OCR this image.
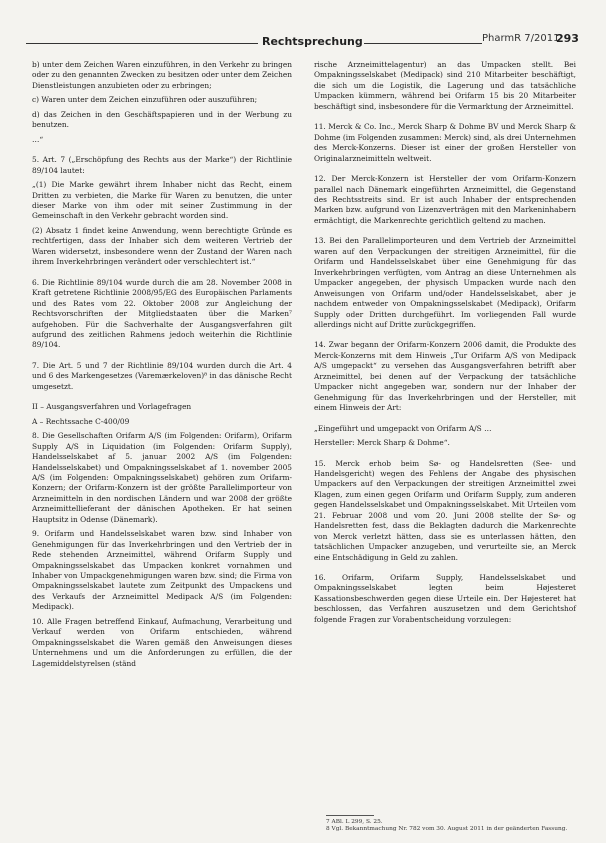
Rechtsprechung	PharmR 7/2011
293

b) unter dem Zeichen Waren einzuführen, in den Verkehr zu bringen oder zu den genannten Zwecken zu besitzen oder unter dem Zeichen Dienstleistungen anzubieten oder zu erbringen;

c) Waren unter dem Zeichen einzuführen oder auszuführen;

d) das Zeichen in den Geschäftspapieren und in der Werbung zu benutzen.

…“

5. Art. 7 („Erschöpfung des Rechts aus der Marke“) der Richtlinie 89/104 lautet:

„(1) Die Marke gewährt ihrem Inhaber nicht das Recht, einem Dritten zu verbieten, die Marke für Waren zu benutzen, die unter dieser Marke von ihm oder mit seiner Zustimmung in der Gemeinschaft in den Verkehr gebracht worden sind.

(2) Absatz 1 findet keine Anwendung, wenn berechtigte Gründe es rechtfertigen, dass der Inhaber sich dem weiteren Vertrieb der Waren widersetzt, insbesondere wenn der Zustand der Waren nach ihrem Inverkehrbringen verändert oder verschlechtert ist.“

6. Die Richtlinie 89/104 wurde durch die am 28. November 2008 in Kraft getretene Richtlinie 2008/95/EG des Europäischen Parlaments und des Rates vom 22. Oktober 2008 zur Angleichung der Rechtsvorschriften der Mitgliedstaaten über die Marken⁷ aufgehoben. Für die Sachverhalte der Ausgangsverfahren gilt aufgrund des zeitlichen Rahmens jedoch weiterhin die Richtlinie 89/104.

7. Die Art. 5 und 7 der Richtlinie 89/104 wurden durch die Art. 4 und 6 des Markengesetzes (Varemærkeloven)⁸ in das dänische Recht umgesetzt.

II – Ausgangsverfahren und Vorlagefragen

A – Rechtssache C-400/09

8. Die Gesellschaften Orifarm A/S (im Folgenden: Orifarm), Orifarm Supply A/S in Liquidation (im Folgenden: Orifarm Supply), Handelsselskabet af 5. januar 2002 A/S (im Folgenden: Handelsselskabet) und Ompakningsselskabet af 1. november 2005 A/S (im Folgenden: Ompakningsselskabet) gehören zum Orifarm-Konzern; der Orifarm-Konzern ist der größte Parallelimporteur von Arzneimitteln in den nordischen Ländern und war 2008 der größte Arzneimittellieferant der dänischen Apotheken. Er hat seinen Hauptsitz in Odense (Dänemark).

9. Orifarm und Handelsselskabet waren bzw. sind Inhaber von Genehmigungen für das Inverkehrbringen und den Vertrieb der in Rede stehenden Arzneimittel, während Orifarm Supply und Ompakningsselskabet das Umpacken konkret vornahmen und Inhaber von Umpackgenehmigungen waren bzw. sind; die Firma von Ompakningsselskabet lautete zum Zeitpunkt des Umpackens und des Verkaufs der Arzneimittel Medipack A/S (im Folgenden: Medipack).

10. Alle Fragen betreffend Einkauf, Aufmachung, Verarbeitung und Verkauf werden von Orifarm entschieden, während Ompakningsselskabet die Waren gemäß den Anweisungen dieses Unternehmens und um die Anforderungen zu erfüllen, die der Lagemiddelstyrelsen (ständ

rische Arzneimittelagentur) an das Umpacken stellt. Bei Ompakningsselskabet (Medipack) sind 210 Mitarbeiter beschäftigt, die sich um die Logistik, die Lagerung und das tatsächliche Umpacken kümmern, während bei Orifarm 15 bis 20 Mitarbeiter beschäftigt sind, insbesondere für die Vermarktung der Arzneimittel.

11. Merck & Co. Inc., Merck Sharp & Dohme BV und Merck Sharp & Dohme (im Folgenden zusammen: Merck) sind, als drei Unternehmen des Merck-Konzerns. Dieser ist einer der großen Hersteller von Originalarzneimitteln weltweit.

12. Der Merck-Konzern ist Hersteller der vom Orifarm-Konzern parallel nach Dänemark eingeführten Arzneimittel, die Gegenstand des Rechtsstreits sind. Er ist auch Inhaber der entsprechenden Marken bzw. aufgrund von Lizenzverträgen mit den Markeninhabern ermächtigt, die Markenrechte gerichtlich geltend zu machen.

13. Bei den Parallelimporteuren und dem Vertrieb der Arzneimittel waren auf den Verpackungen der streitigen Arzneimittel, für die Orifarm und Handelsselskabet über eine Genehmigung für das Inverkehrbringen verfügten, vom Antrag an diese Unternehmen als Umpacker angegeben, der physisch Umpacken wurde nach den Anweisungen von Orifarm und/oder Handelsselskabet, aber je nachdem entweder von Ompakningsselskabet (Medipack), Orifarm Supply oder Dritten durchgeführt. Im vorliegenden Fall wurde allerdings nicht auf Dritte zurückgegriffen.

14. Zwar begann der Orifarm-Konzern 2006 damit, die Produkte des Merck-Konzerns mit dem Hinweis „Tur Orifarm A/S von Medipack A/S umgepackt“ zu versehen das Ausgangsverfahren betrifft aber Arzneimittel, bei denen auf der Verpackung der tatsächliche Umpacker nicht angegeben war, sondern nur der Inhaber der Genehmigung für das Inverkehrbringen und der Hersteller, mit einem Hinweis der Art:

„Eingeführt und umgepackt von Orifarm A/S …

Hersteller: Merck Sharp & Dohme“.

15. Merck erhob beim Sø- og Handelsretten (See- und Handelsgericht) wegen des Fehlens der Angabe des physischen Umpackers auf den Verpackungen der streitigen Arzneimittel zwei Klagen, zum einen gegen Orifarm und Orifarm Supply, zum anderen gegen Handelsselskabet und Ompakningsselskabet. Mit Urteilen vom 21. Februar 2008 und vom 20. Juni 2008 stellte der Sø- og Handelsretten fest, dass die Beklagten dadurch die Markenrechte von Merck verletzt hätten, dass sie es unterlassen hätten, den tatsächlichen Umpacker anzugeben, und verurteilte sie, an Merck eine Entschädigung in Geld zu zahlen.

16. Orifarm, Orifarm Supply, Handelsselskabet und Ompakningsselskabet legten beim Højesteret Kassationsbeschwerden gegen diese Urteile ein. Der Højesteret hat beschlossen, das Verfahren auszusetzen und dem Gerichtshof folgende Fragen zur Vorabentscheidung vorzulegen:

7 ABl. L 299, S. 25.
8 Vgl. Bekanntmachung Nr. 782 vom 30. August 2011 in der geänderten Fassung.
